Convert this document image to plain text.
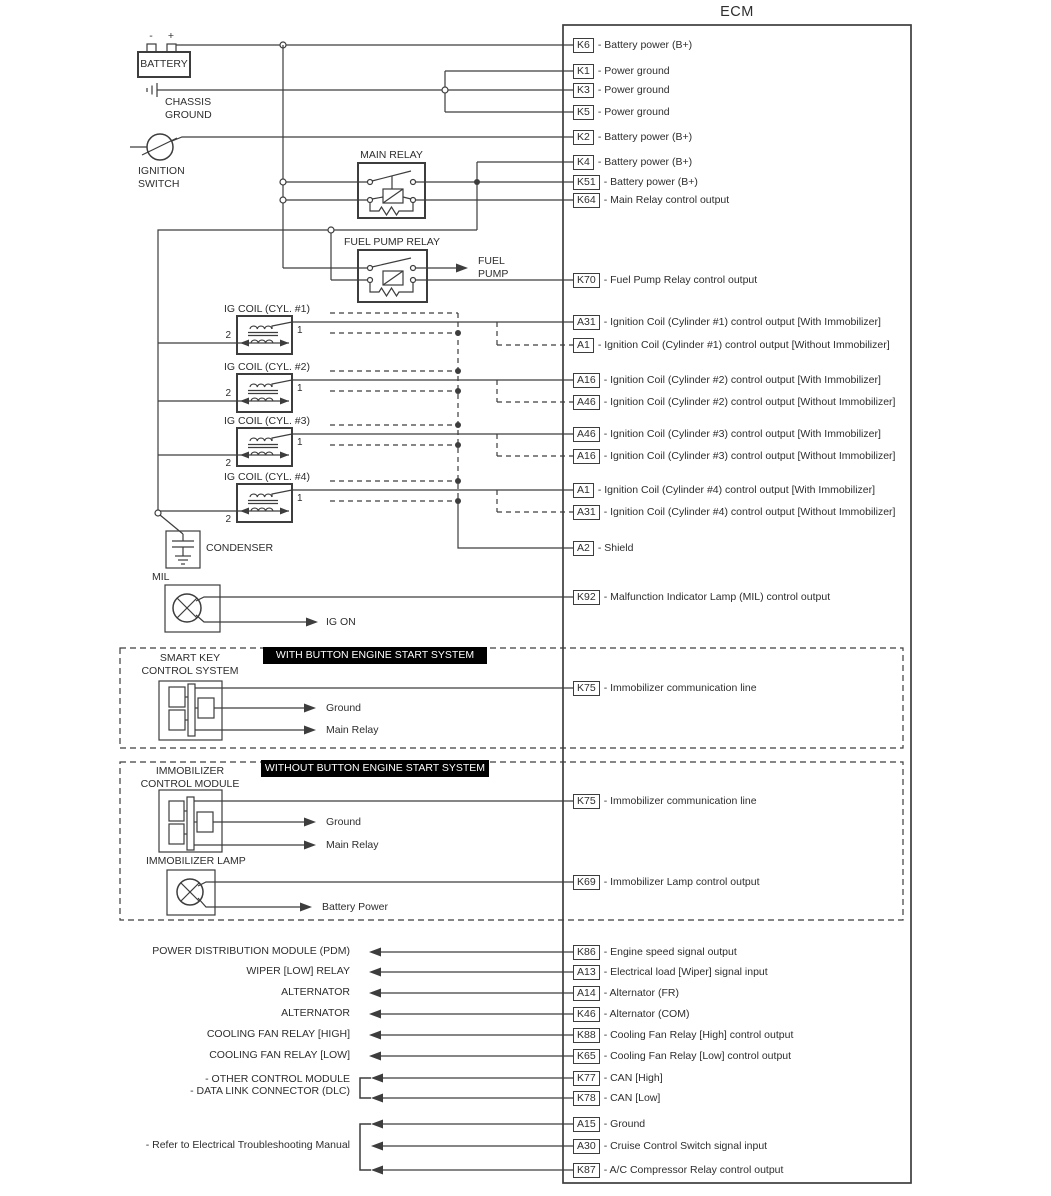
ECM
-	+
BATTERY
CHASSIS
GROUND
IGNITION
SWITCH
MAIN RELAY
FUEL PUMP RELAY
FUEL
PUMP
IG COIL (CYL. #1)
IG COIL (CYL. #2)
IG COIL (CYL. #3)
IG COIL (CYL. #4)
1
1
1
1
2
2
2
2
CONDENSER
MIL
IG ON
WITH BUTTON ENGINE START SYSTEM
SMART KEY
CONTROL SYSTEM
Ground
Main Relay
WITHOUT BUTTON ENGINE START SYSTEM
IMMOBILIZER
CONTROL MODULE
Ground
Main Relay
IMMOBILIZER LAMP
Battery Power
POWER DISTRIBUTION MODULE (PDM)
WIPER [LOW] RELAY
ALTERNATOR
ALTERNATOR
COOLING FAN RELAY [HIGH]
COOLING FAN RELAY [LOW]
- OTHER CONTROL MODULE
- DATA LINK CONNECTOR (DLC)
- Refer to Electrical Troubleshooting Manual
K6 - Battery power (B+)
K1 - Power ground
K3 - Power ground
K5 - Power ground
K2 - Battery power (B+)
K4 - Battery power (B+)
K51 - Battery power (B+)
K64 - Main Relay control output
K70 - Fuel Pump Relay control output
A31 - Ignition Coil (Cylinder #1) control output [With Immobilizer]
A1 - Ignition Coil (Cylinder #1) control output [Without Immobilizer]
A16 - Ignition Coil (Cylinder #2) control output [With Immobilizer]
A46 - Ignition Coil (Cylinder #2) control output [Without Immobilizer]
A46 - Ignition Coil (Cylinder #3) control output [With Immobilizer]
A16 - Ignition Coil (Cylinder #3) control output [Without Immobilizer]
A1 - Ignition Coil (Cylinder #4) control output [With Immobilizer]
A31 - Ignition Coil (Cylinder #4) control output [Without Immobilizer]
A2 - Shield
K92 - Malfunction Indicator Lamp (MIL) control output
K75 - Immobilizer communication line
K75 - Immobilizer communication line
K69 - Immobilizer Lamp control output
K86 - Engine speed signal output
A13 - Electrical load [Wiper] signal input
A14 - Alternator (FR)
K46 - Alternator (COM)
K88 - Cooling Fan Relay [High] control output
K65 - Cooling Fan Relay [Low] control output
K77 - CAN [High]
K78 - CAN [Low]
A15 - Ground
A30 - Cruise Control Switch signal input
K87 - A/C Compressor Relay control output
